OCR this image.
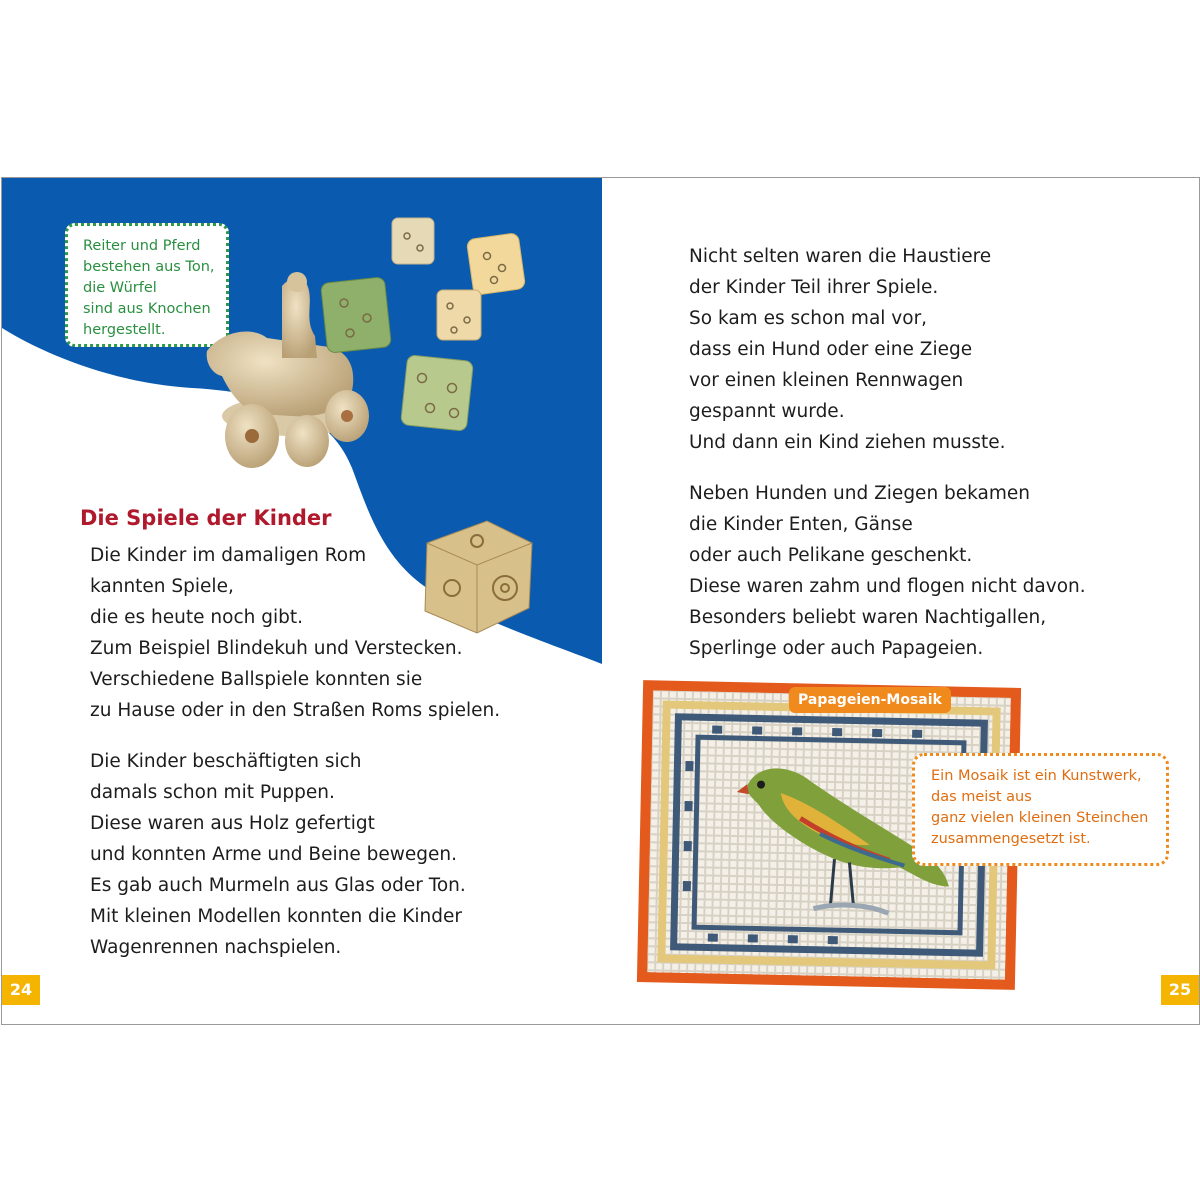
Reiter und Pferd
bestehen aus Ton,
die Würfel
sind aus Knochen
hergestellt.
Die Spiele der Kinder
Die Kinder im damaligen Rom
kannten Spiele,
die es heute noch gibt.
Zum Beispiel Blindekuh und Verstecken.
Verschiedene Ballspiele konnten sie
zu Hause oder in den Straßen Roms spielen.
Die Kinder beschäftigten sich
damals schon mit Puppen.
Diese waren aus Holz gefertigt
und konnten Arme und Beine bewegen.
Es gab auch Murmeln aus Glas oder Ton.
Mit kleinen Modellen konnten die Kinder
Wagenrennen nachspielen.
24
Nicht selten waren die Haustiere
der Kinder Teil ihrer Spiele.
So kam es schon mal vor,
dass ein Hund oder eine Ziege
vor einen kleinen Rennwagen
gespannt wurde.
Und dann ein Kind ziehen musste.
Neben Hunden und Ziegen bekamen
die Kinder Enten, Gänse
oder auch Pelikane geschenkt.
Diese waren zahm und flogen nicht davon.
Besonders beliebt waren Nachtigallen,
Sperlinge oder auch Papageien.
Papageien-Mosaik
Ein Mosaik ist ein Kunstwerk,
das meist aus
ganz vielen kleinen Steinchen
zusammengesetzt ist.
25
